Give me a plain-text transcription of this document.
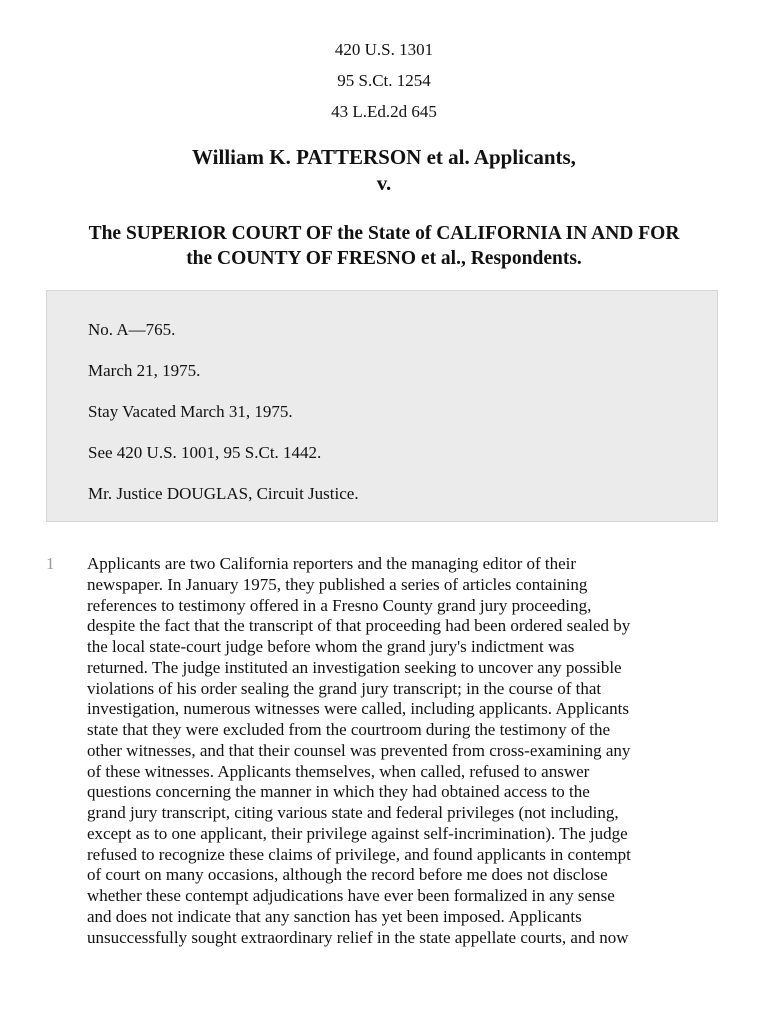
420 U.S. 1301
95 S.Ct. 1254
43 L.Ed.2d 645
William K. PATTERSON et al. Applicants,
v.
The SUPERIOR COURT OF the State of CALIFORNIA IN AND FOR
the COUNTY OF FRESNO et al., Respondents.
No. A—765.
March 21, 1975.
Stay Vacated March 31, 1975.
See 420 U.S. 1001, 95 S.Ct. 1442.
Mr. Justice DOUGLAS, Circuit Justice.
1 Applicants are two California reporters and the managing editor of their
newspaper. In January 1975, they published a series of articles containing
references to testimony offered in a Fresno County grand jury proceeding,
despite the fact that the transcript of that proceeding had been ordered sealed by
the local state-court judge before whom the grand jury's indictment was
returned. The judge instituted an investigation seeking to uncover any possible
violations of his order sealing the grand jury transcript; in the course of that
investigation, numerous witnesses were called, including applicants. Applicants
state that they were excluded from the courtroom during the testimony of the
other witnesses, and that their counsel was prevented from cross-examining any
of these witnesses. Applicants themselves, when called, refused to answer
questions concerning the manner in which they had obtained access to the
grand jury transcript, citing various state and federal privileges (not including,
except as to one applicant, their privilege against self-incrimination). The judge
refused to recognize these claims of privilege, and found applicants in contempt
of court on many occasions, although the record before me does not disclose
whether these contempt adjudications have ever been formalized in any sense
and does not indicate that any sanction has yet been imposed. Applicants
unsuccessfully sought extraordinary relief in the state appellate courts, and now
